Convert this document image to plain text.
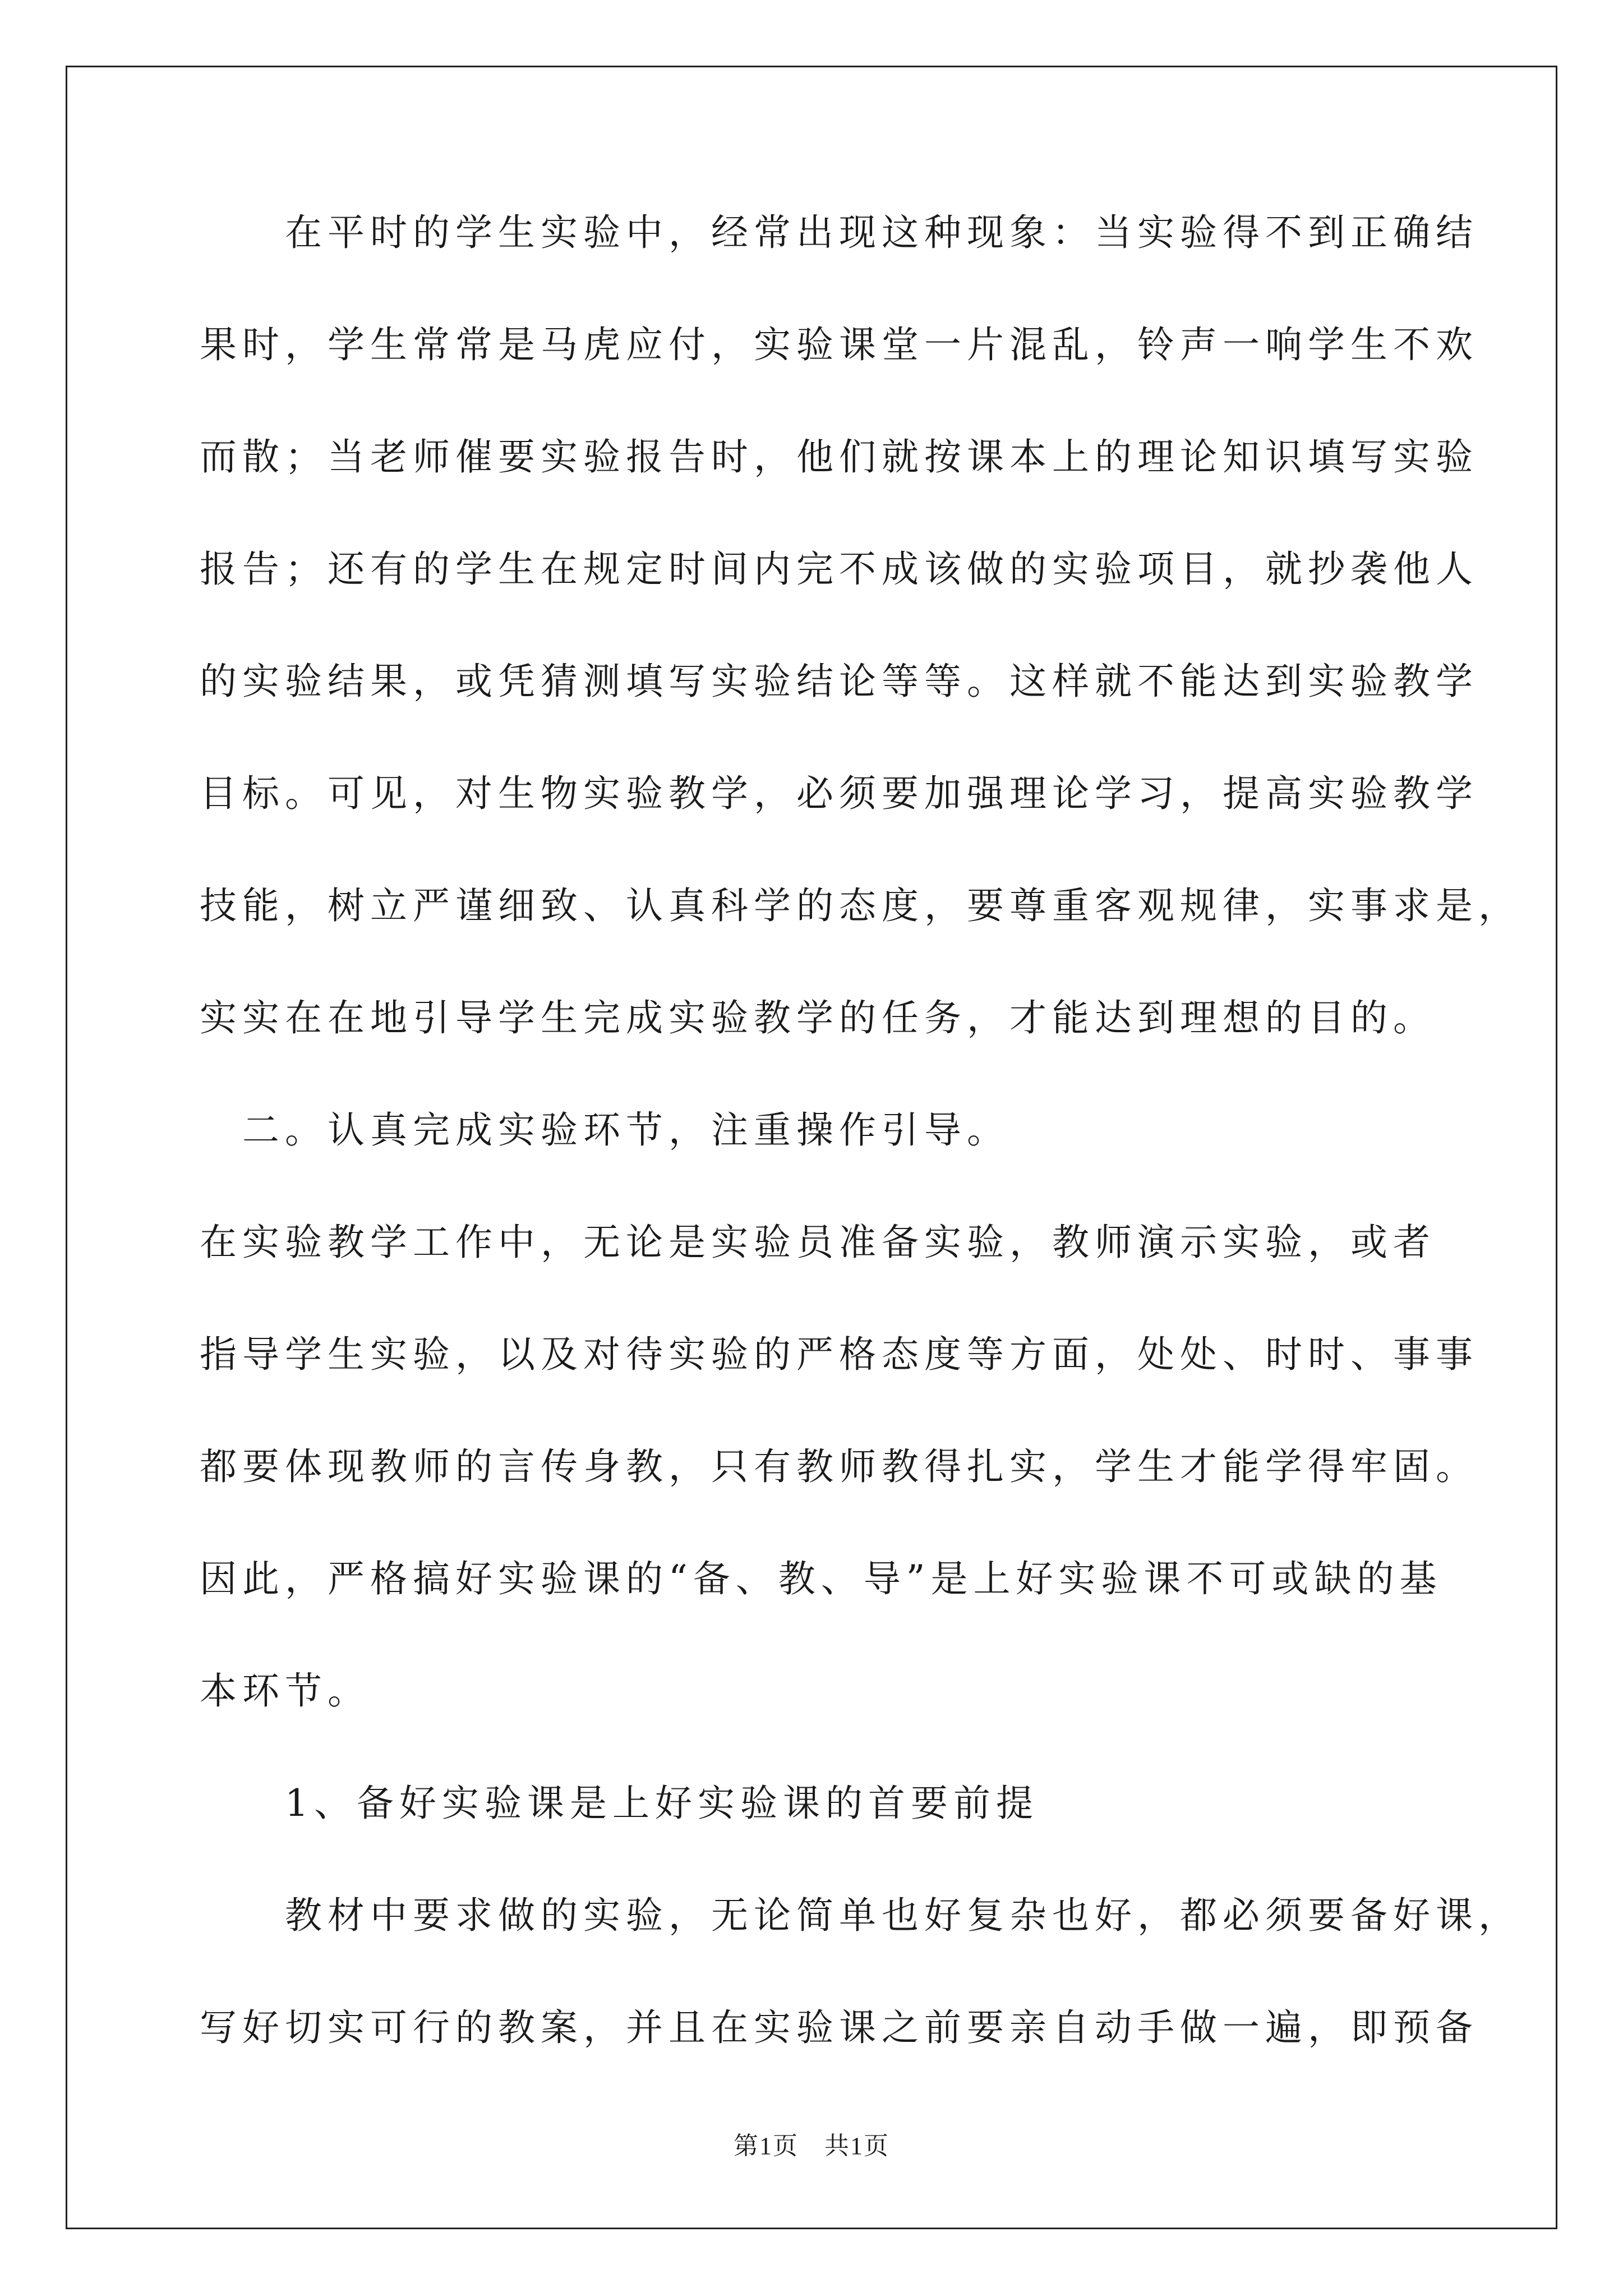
　　在平时的学生实验中，经常出现这种现象：当实验得不到正确结
果时，学生常常是马虎应付，实验课堂一片混乱，铃声一响学生不欢
而散；当老师催要实验报告时，他们就按课本上的理论知识填写实验
报告；还有的学生在规定时间内完不成该做的实验项目，就抄袭他人
的实验结果，或凭猜测填写实验结论等等。这样就不能达到实验教学
目标。可见，对生物实验教学，必须要加强理论学习，提高实验教学
技能，树立严谨细致、认真科学的态度，要尊重客观规律，实事求是，
实实在在地引导学生完成实验教学的任务，才能达到理想的目的。
　二。认真完成实验环节，注重操作引导。
在实验教学工作中，无论是实验员准备实验，教师演示实验，或者
指导学生实验，以及对待实验的严格态度等方面，处处、时时、事事
都要体现教师的言传身教，只有教师教得扎实，学生才能学得牢固。
因此，严格搞好实验课的“备、教、导”是上好实验课不可或缺的基
本环节。
　　1、备好实验课是上好实验课的首要前提
　　教材中要求做的实验，无论简单也好复杂也好，都必须要备好课，
写好切实可行的教案，并且在实验课之前要亲自动手做一遍，即预备
第1页　共1页
